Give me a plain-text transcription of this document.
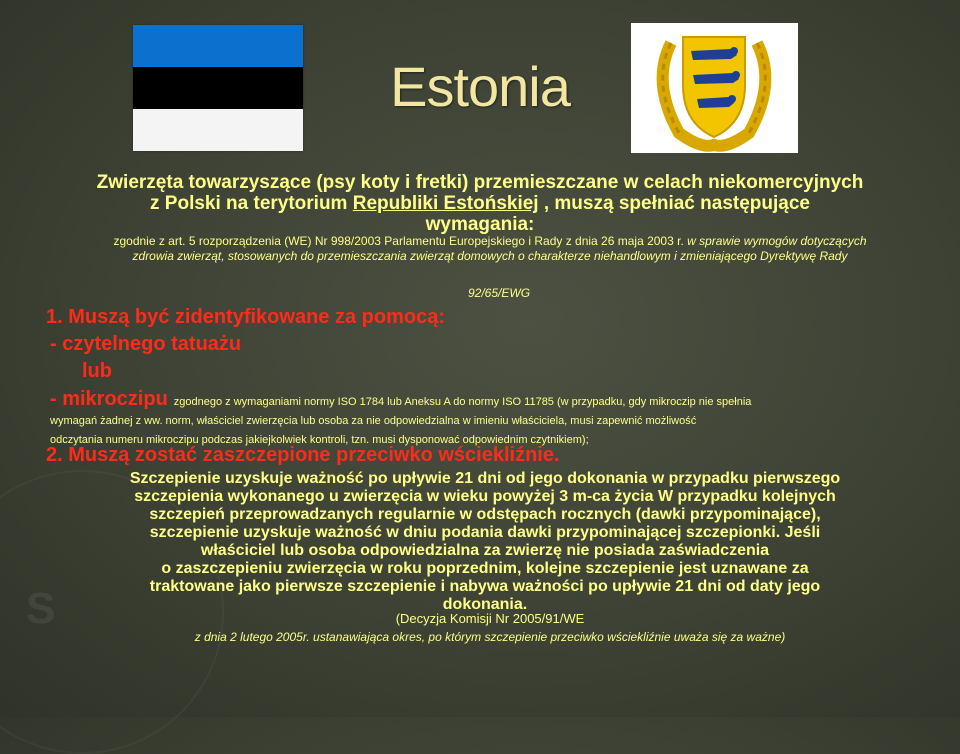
S
Estonia
Zwierzęta towarzyszące (psy koty i fretki) przemieszczane w celach niekomercyjnych
z Polski na terytorium Republiki Estońskiej , muszą spełniać następujące
wymagania:
zgodnie z art. 5 rozporządzenia (WE) Nr 998/2003 Parlamentu Europejskiego i Rady z dnia 26 maja 2003 r. w sprawie wymogów dotyczących
zdrowia zwierząt, stosowanych do przemieszczania zwierząt domowych o charakterze niehandlowym i zmieniającego Dyrektywę Rady
92/65/EWG
1. Muszą być zidentyfikowane za pomocą:
- czytelnego tatuażu
lub

- mikroczipu zgodnego z wymaganiami normy ISO 1784 lub Aneksu A do normy ISO 11785 (w przypadku, gdy mikroczip nie spełnia

wymagań żadnej z ww. norm, właściciel zwierzęcia lub osoba za nie odpowiedzialna w imieniu właściciela, musi zapewnić możliwość

odczytania numeru mikroczipu podczas jakiejkolwiek kontroli, tzn. musi dysponować odpowiednim czytnikiem);

2. Muszą zostać zaszczepione przeciwko wściekliźnie.
Szczepienie uzyskuje ważność po upływie 21 dni od jego dokonania w przypadku pierwszego
szczepienia wykonanego u zwierzęcia w wieku powyżej 3 m-ca życia W przypadku kolejnych
szczepień przeprowadzanych regularnie w odstępach rocznych (dawki przypominające),
szczepienie uzyskuje ważność w dniu podania dawki przypominającej szczepionki. Jeśli
właściciel lub osoba odpowiedzialna za zwierzę nie posiada zaświadczenia
o zaszczepieniu zwierzęcia w roku poprzednim, kolejne szczepienie jest uznawane za
traktowane jako pierwsze szczepienie i nabywa ważności po upływie 21 dni od daty jego
dokonania.
(Decyzja Komisji Nr 2005/91/WE
z dnia 2 lutego 2005r. ustanawiająca okres, po którym szczepienie przeciwko wściekliźnie uważa się za ważne)
